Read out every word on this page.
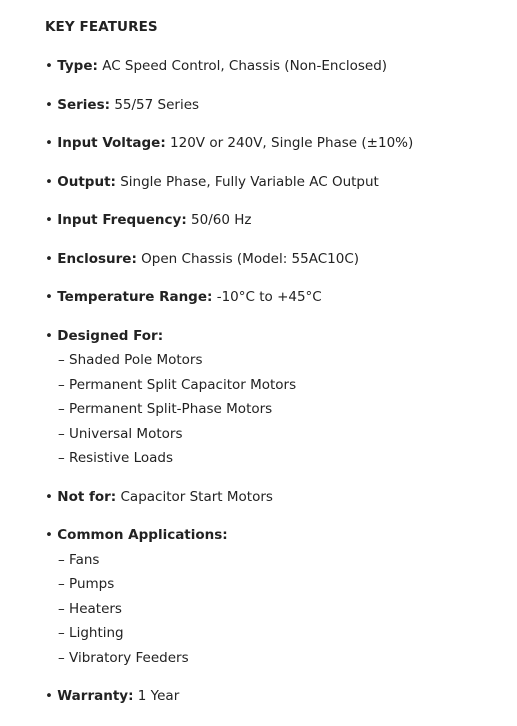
KEY FEATURES
• Type: AC Speed Control, Chassis (Non-Enclosed)
• Series: 55/57 Series
• Input Voltage: 120V or 240V, Single Phase (±10%)
• Output: Single Phase, Fully Variable AC Output
• Input Frequency: 50/60 Hz
• Enclosure: Open Chassis (Model: 55AC10C)
• Temperature Range: -10°C to +45°C
• Designed For:
– Shaded Pole Motors
– Permanent Split Capacitor Motors
– Permanent Split-Phase Motors
– Universal Motors
– Resistive Loads
• Not for: Capacitor Start Motors
• Common Applications:
– Fans
– Pumps
– Heaters
– Lighting
– Vibratory Feeders
• Warranty: 1 Year
